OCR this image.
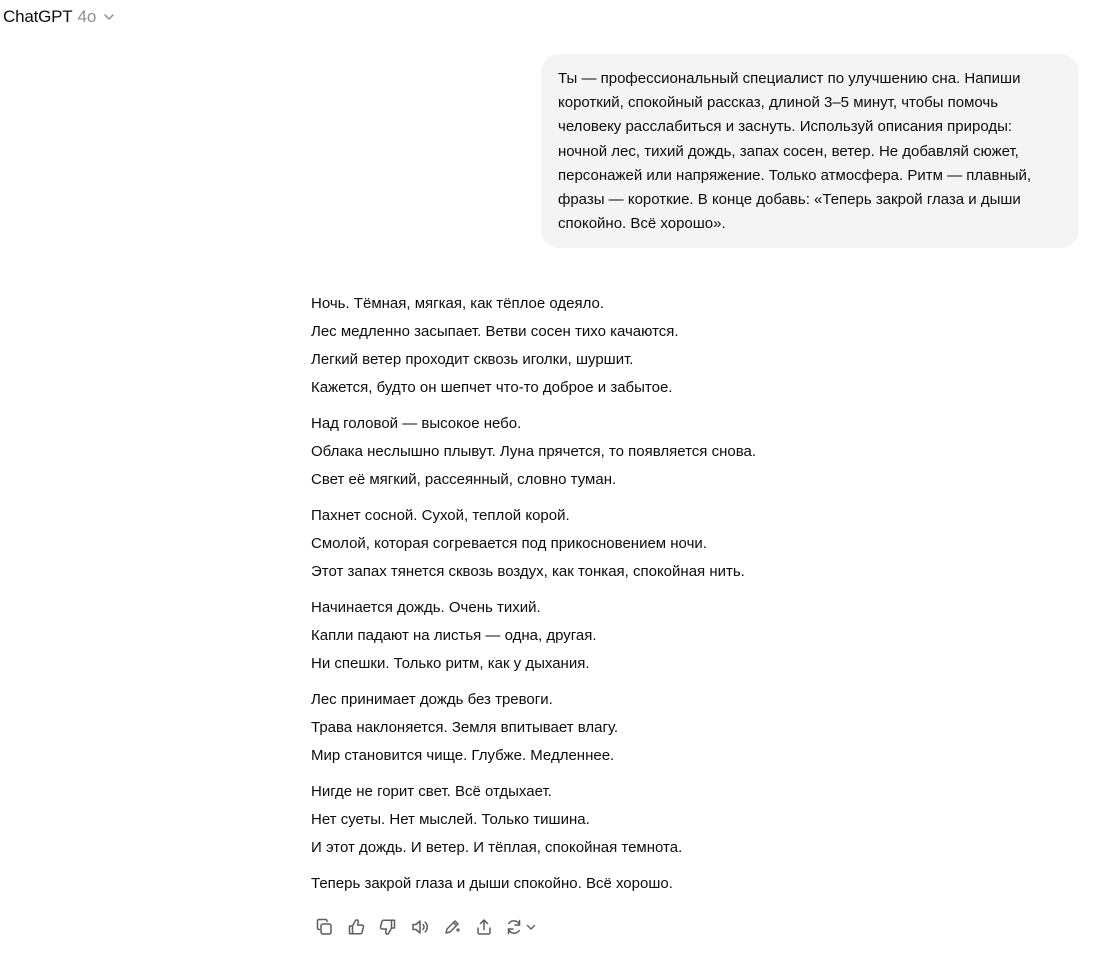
ChatGPT 4o
Ты — профессиональный специалист по улучшению сна. Напиши короткий, спокойный рассказ, длиной 3–5 минут, чтобы помочь человеку расслабиться и заснуть. Используй описания природы: ночной лес, тихий дождь, запах сосен, ветер. Не добавляй сюжет, персонажей или напряжение. Только атмосфера. Ритм — плавный, фразы — короткие. В конце добавь: «Теперь закрой глаза и дыши спокойно. Всё хорошо».
Ночь. Тёмная, мягкая, как тёплое одеяло.
Лес медленно засыпает. Ветви сосен тихо качаются.
Легкий ветер проходит сквозь иголки, шуршит.
Кажется, будто он шепчет что-то доброе и забытое.
Над головой — высокое небо.
Облака неслышно плывут. Луна прячется, то появляется снова.
Свет её мягкий, рассеянный, словно туман.
Пахнет сосной. Сухой, теплой корой.
Смолой, которая согревается под прикосновением ночи.
Этот запах тянется сквозь воздух, как тонкая, спокойная нить.
Начинается дождь. Очень тихий.
Капли падают на листья — одна, другая.
Ни спешки. Только ритм, как у дыхания.
Лес принимает дождь без тревоги.
Трава наклоняется. Земля впитывает влагу.
Мир становится чище. Глубже. Медленнее.
Нигде не горит свет. Всё отдыхает.
Нет суеты. Нет мыслей. Только тишина.
И этот дождь. И ветер. И тёплая, спокойная темнота.
Теперь закрой глаза и дыши спокойно. Всё хорошо.
